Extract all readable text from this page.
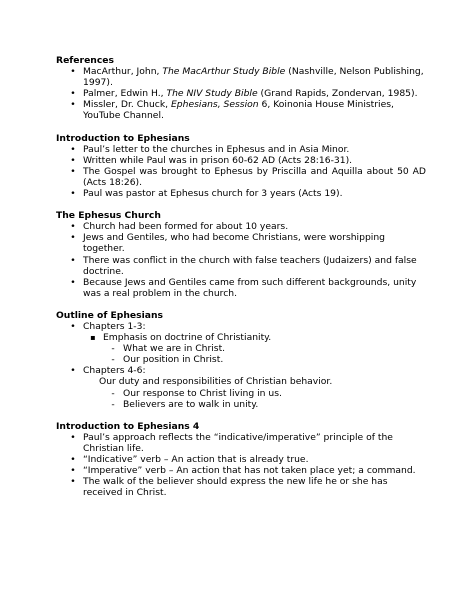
References

• MacArthur, John, The MacArthur Study Bible (Nashville, Nelson Publishing, 1997).
• Palmer, Edwin H., The NIV Study Bible (Grand Rapids, Zondervan, 1985).
• Missler, Dr. Chuck, Ephesians, Session 6, Koinonia House Ministries, YouTube Channel.

Introduction to Ephesians

• Paul’s letter to the churches in Ephesus and in Asia Minor.
• Written while Paul was in prison 60-62 AD (Acts 28:16-31).
• The Gospel was brought to Ephesus by Priscilla and Aquilla about 50 AD (Acts 18:26).
• Paul was pastor at Ephesus church for 3 years (Acts 19).

The Ephesus Church

• Church had been formed for about 10 years.
• Jews and Gentiles, who had become Christians, were worshipping together.
• There was conflict in the church with false teachers (Judaizers) and false doctrine.
• Because Jews and Gentiles came from such different backgrounds, unity was a real problem in the church.

Outline of Ephesians

• Chapters 1-3:
▪ Emphasis on doctrine of Christianity.
- What we are in Christ.
- Our position in Christ.
• Chapters 4-6:
Our duty and responsibilities of Christian behavior.
- Our response to Christ living in us.
- Believers are to walk in unity.

Introduction to Ephesians 4

• Paul’s approach reflects the “indicative/imperative” principle of the Christian life.
• “Indicative” verb – An action that is already true.
• “Imperative” verb – An action that has not taken place yet; a command.
• The walk of the believer should express the new life he or she has received in Christ.
